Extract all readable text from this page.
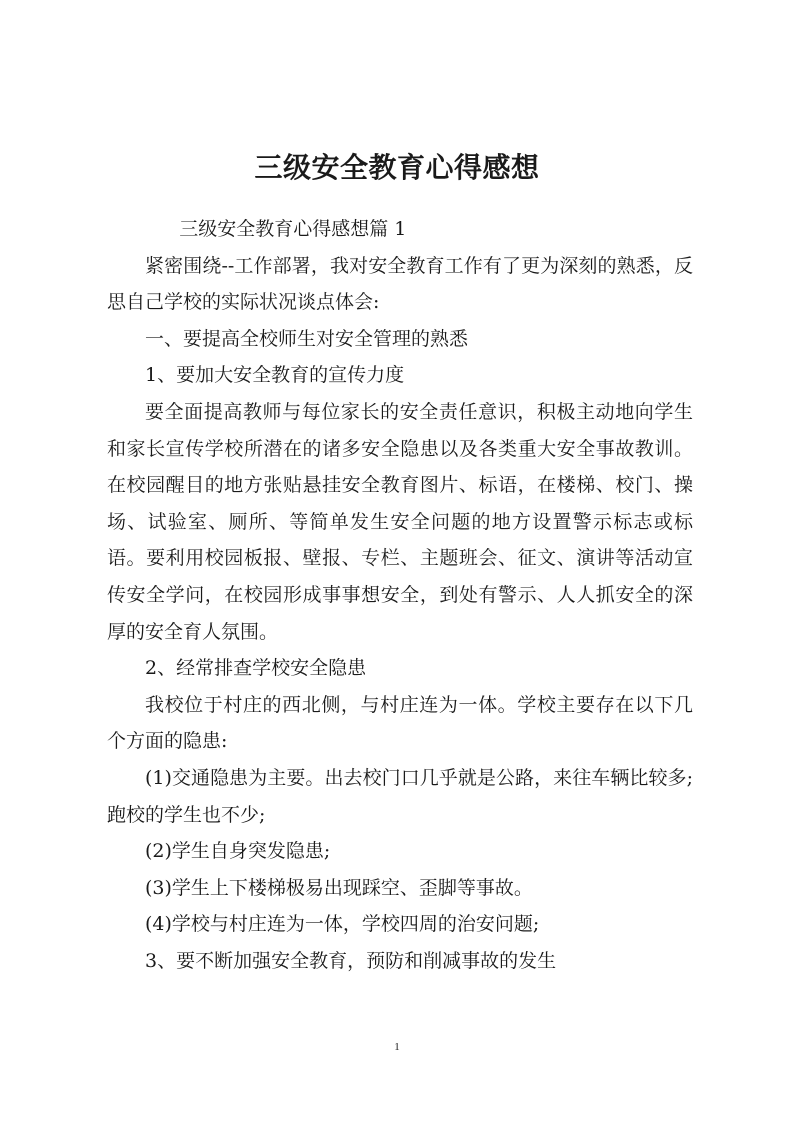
三级安全教育心得感想

三级安全教育心得感想篇 1

紧密围绕--工作部署，我对安全教育工作有了更为深刻的熟悉，反思自己学校的实际状况谈点体会:

一、要提高全校师生对安全管理的熟悉

1、要加大安全教育的宣传力度

要全面提高教师与每位家长的安全责任意识，积极主动地向学生和家长宣传学校所潜在的诸多安全隐患以及各类重大安全事故教训。在校园醒目的地方张贴悬挂安全教育图片、标语，在楼梯、校门、操场、试验室、厕所、等简单发生安全问题的地方设置警示标志或标语。要利用校园板报、壁报、专栏、主题班会、征文、演讲等活动宣传安全学问，在校园形成事事想安全，到处有警示、人人抓安全的深厚的安全育人氛围。

2、经常排查学校安全隐患

我校位于村庄的西北侧，与村庄连为一体。学校主要存在以下几个方面的隐患:

(1)交通隐患为主要。出去校门口几乎就是公路，来往车辆比较多;跑校的学生也不少;

(2)学生自身突发隐患;

(3)学生上下楼梯极易出现踩空、歪脚等事故。

(4)学校与村庄连为一体，学校四周的治安问题;

3、要不断加强安全教育，预防和削减事故的发生

1
